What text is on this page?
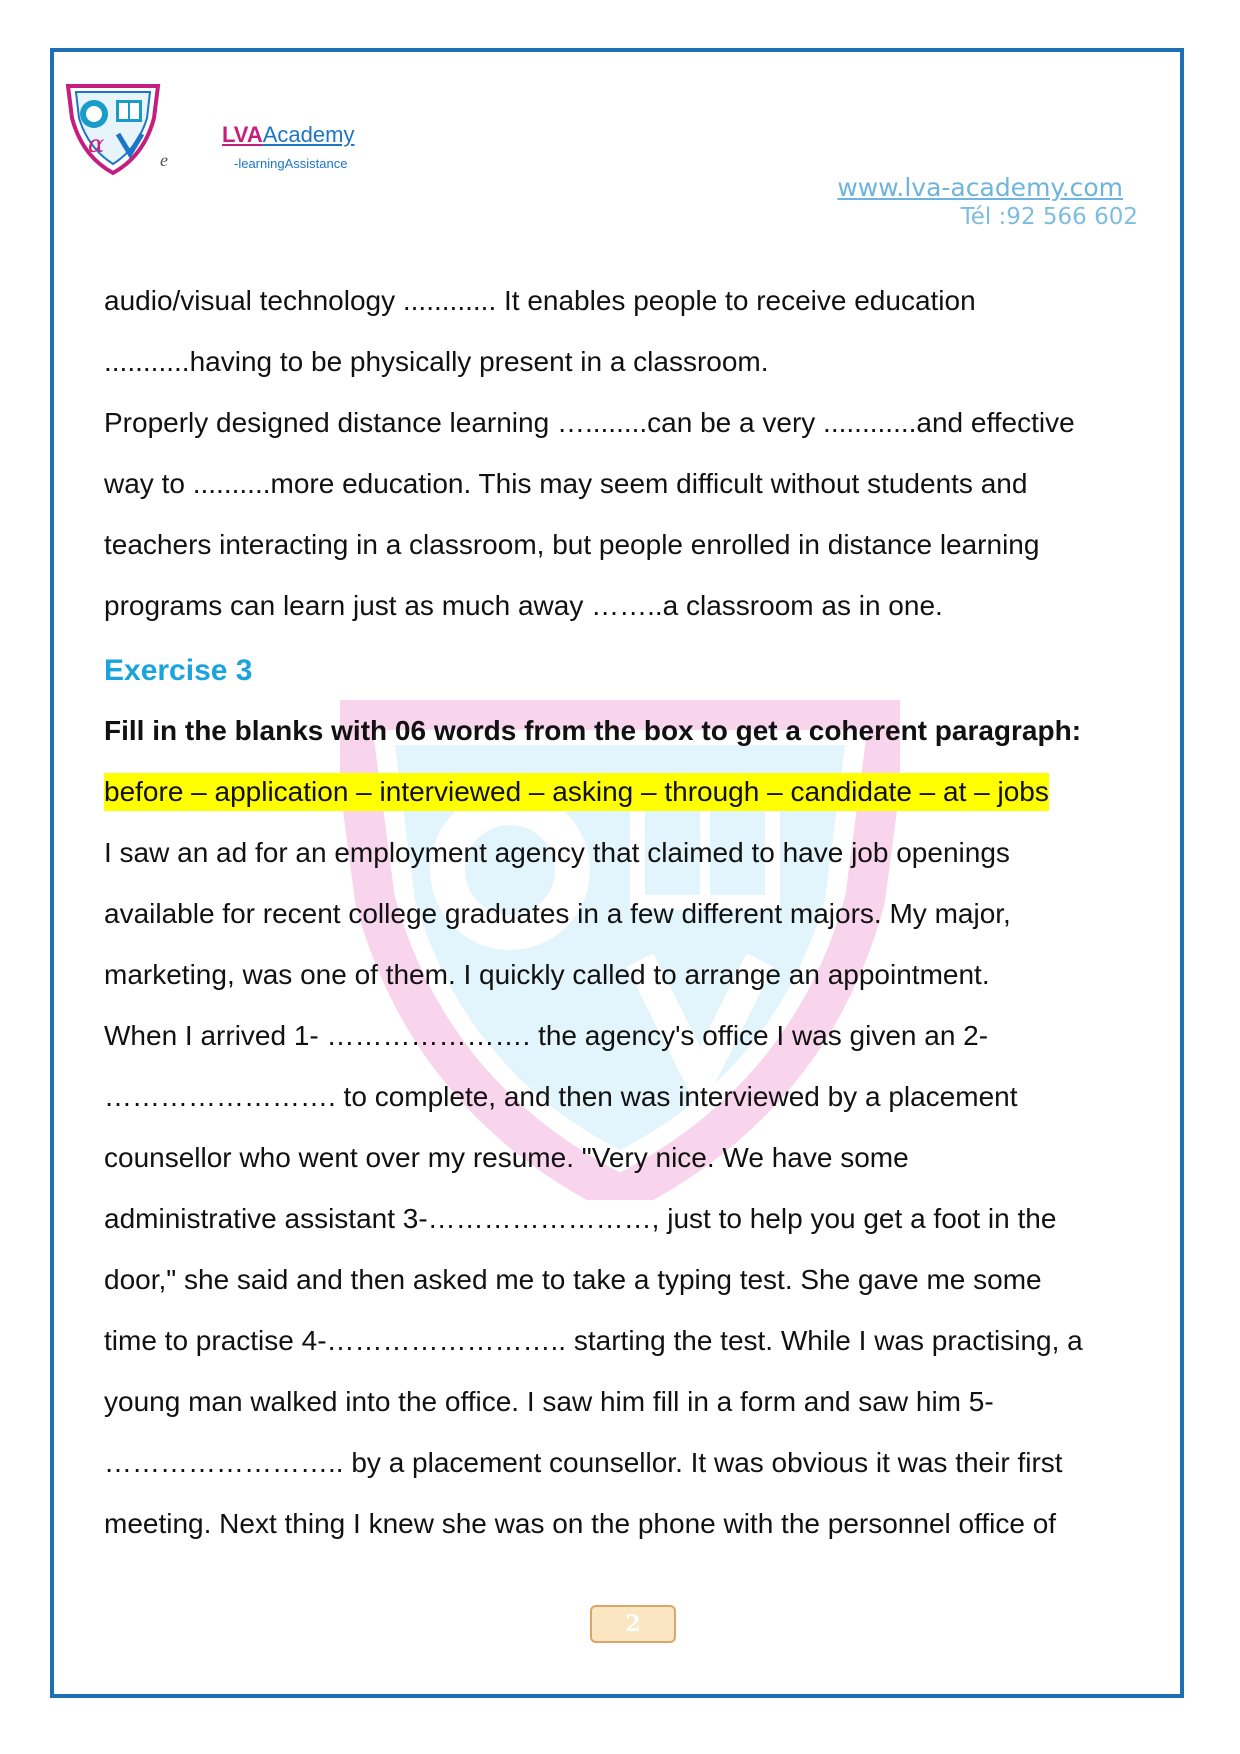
α	LVAAcademy
e	-learningAssistance
www.lva-academy.com
Tél :92 566 602
audio/visual technology ............ It enables people to receive education
...........having to be physically present in a classroom.
Properly designed distance learning …........can be a very ............and effective
way to ..........more education. This may seem difficult without students and
teachers interacting in a classroom, but people enrolled in distance learning
programs can learn just as much away ……..a classroom as in one.
Exercise 3
Fill in the blanks with 06 words from the box to get a coherent paragraph:
before – application – interviewed – asking – through – candidate – at – jobs
I saw an ad for an employment agency that claimed to have job openings
available for recent college graduates in a few different majors. My major,
marketing, was one of them. I quickly called to arrange an appointment.
When I arrived 1- …………………. the agency's office I was given an 2-
……………………. to complete, and then was interviewed by a placement
counsellor who went over my resume. "Very nice. We have some
administrative assistant 3-……………………, just to help you get a foot in the
door," she said and then asked me to take a typing test. She gave me some
time to practise 4-…………………….. starting the test. While I was practising, a
young man walked into the office. I saw him fill in a form and saw him 5-
…………………….. by a placement counsellor. It was obvious it was their first
meeting. Next thing I knew she was on the phone with the personnel office of
2
